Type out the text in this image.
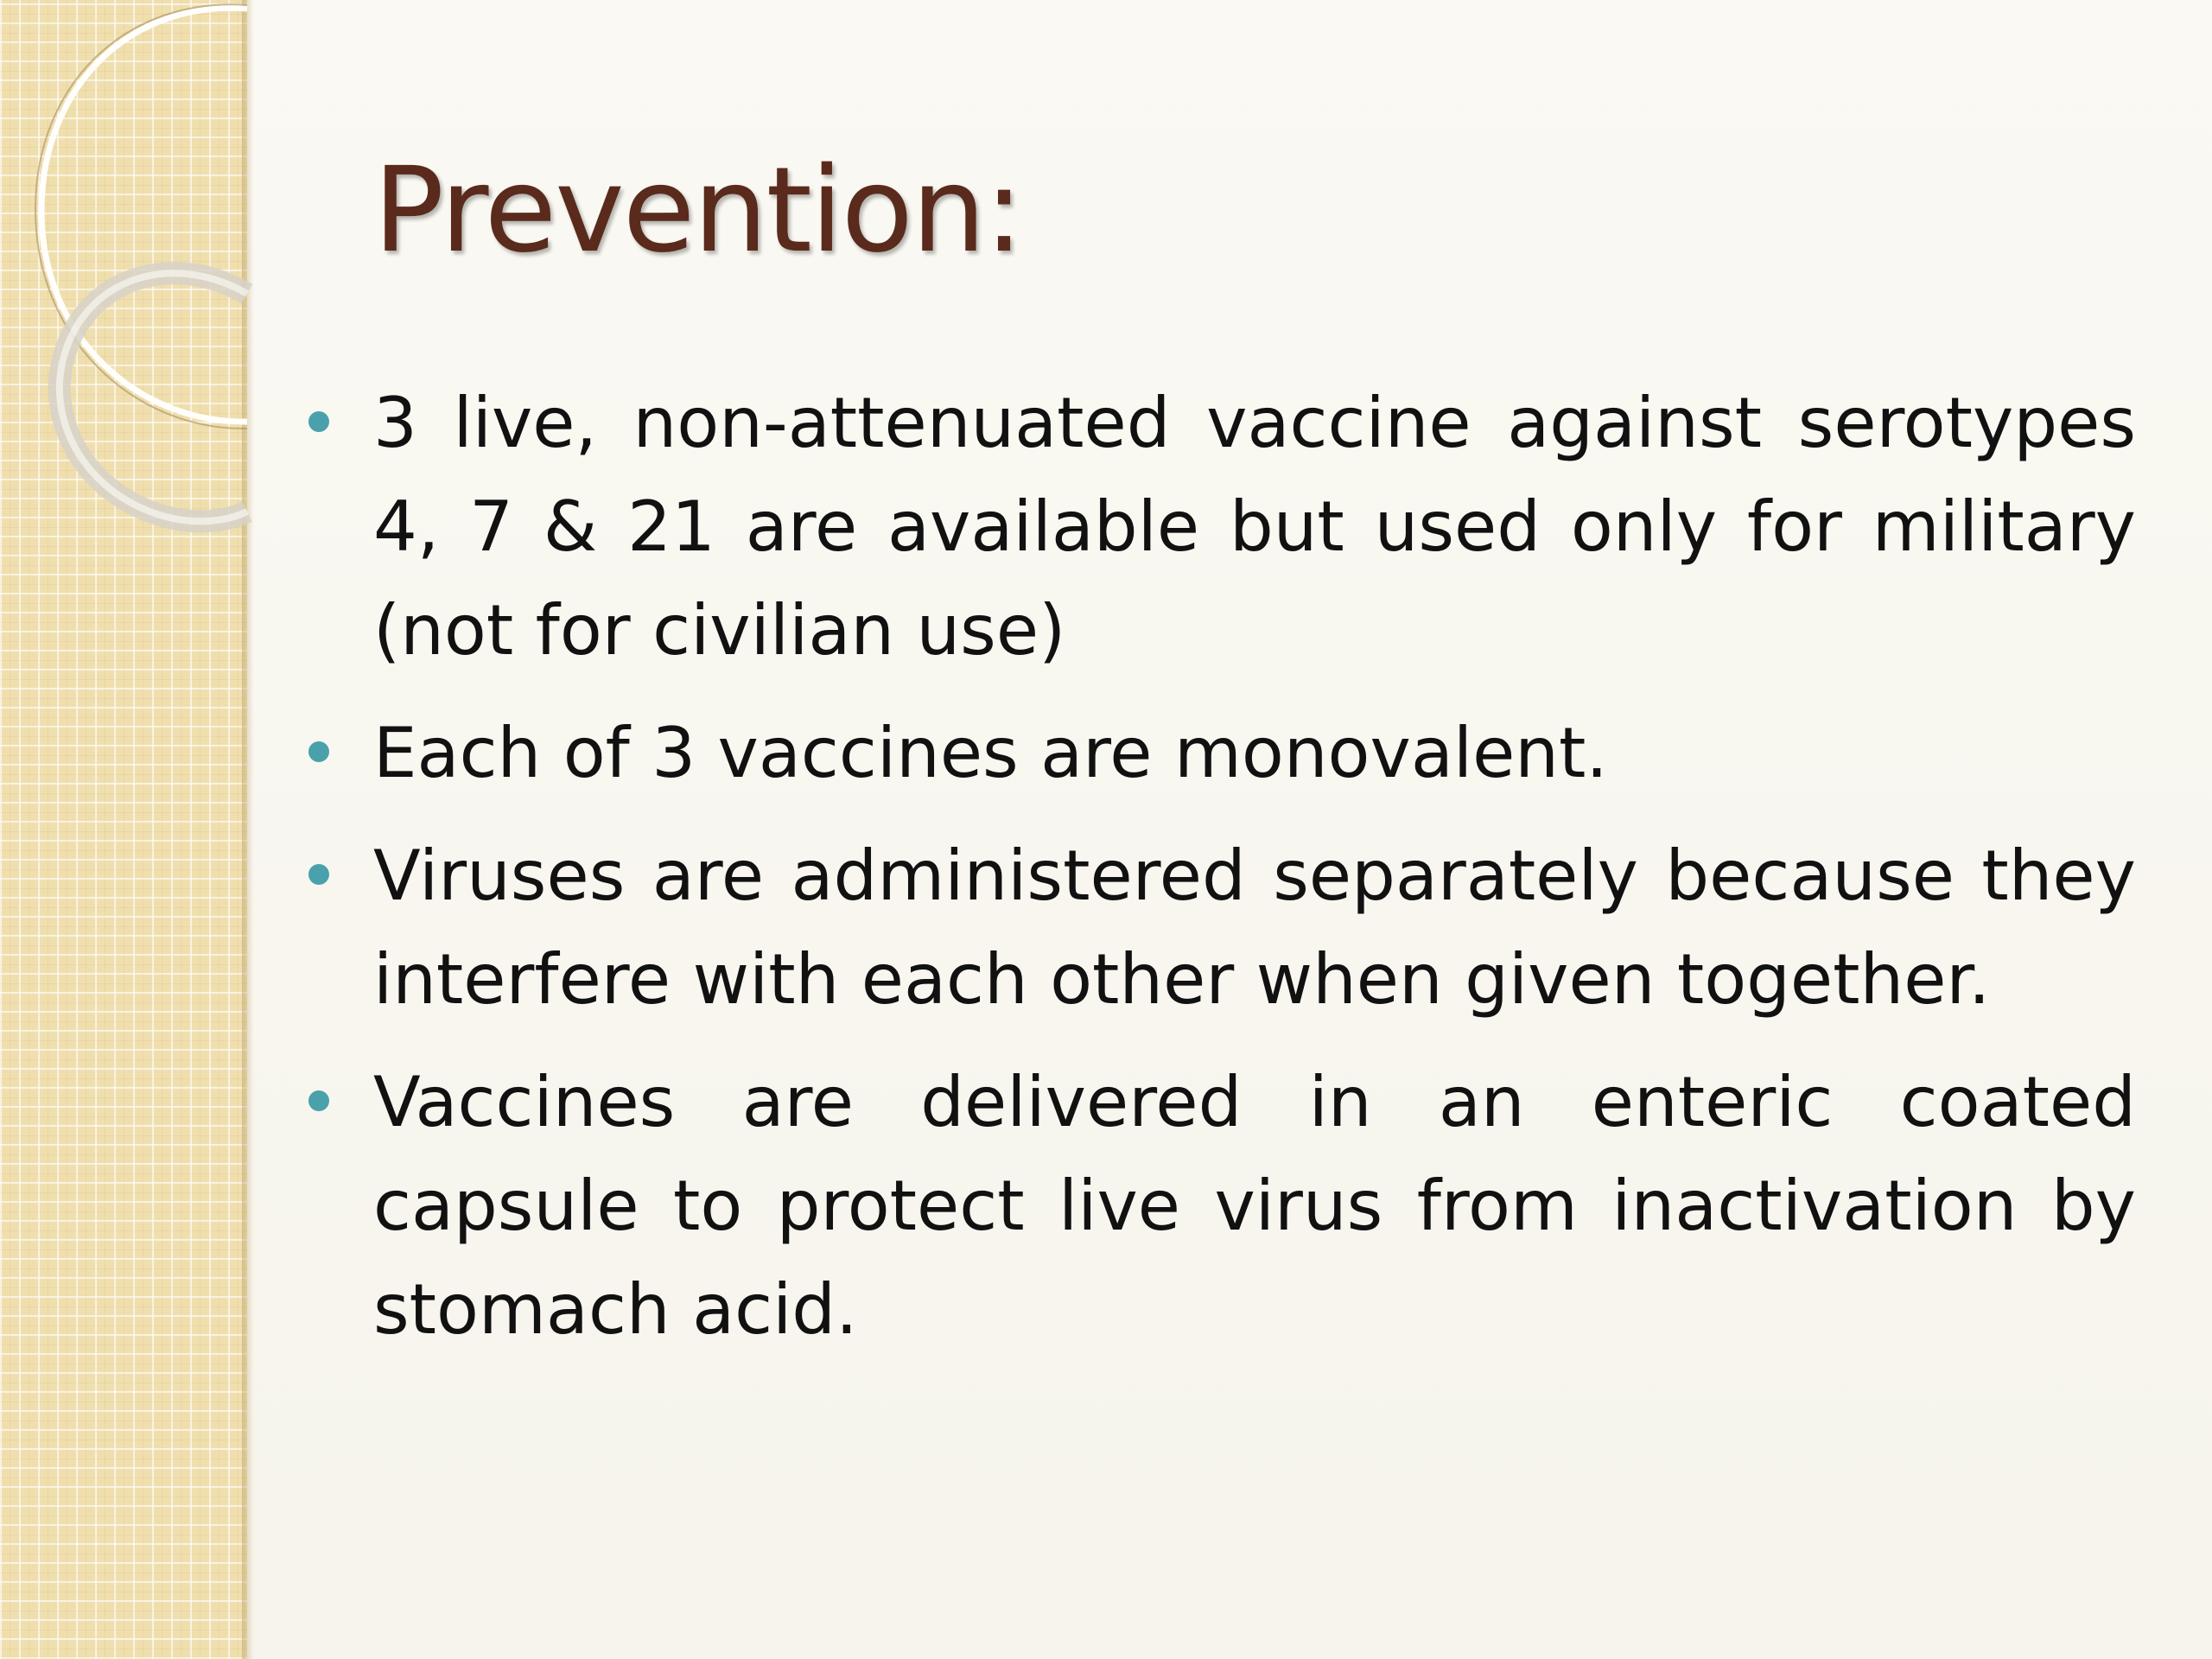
Prevention:
3 live, non-attenuated vaccine against serotypes 4, 7 & 21 are available but used only for military (not for civilian use)
Each of 3 vaccines are monovalent.
Viruses are administered separately because they interfere with each other when given together.
Vaccines are delivered in an enteric coated capsule to protect live virus from inactivation by stomach acid.
